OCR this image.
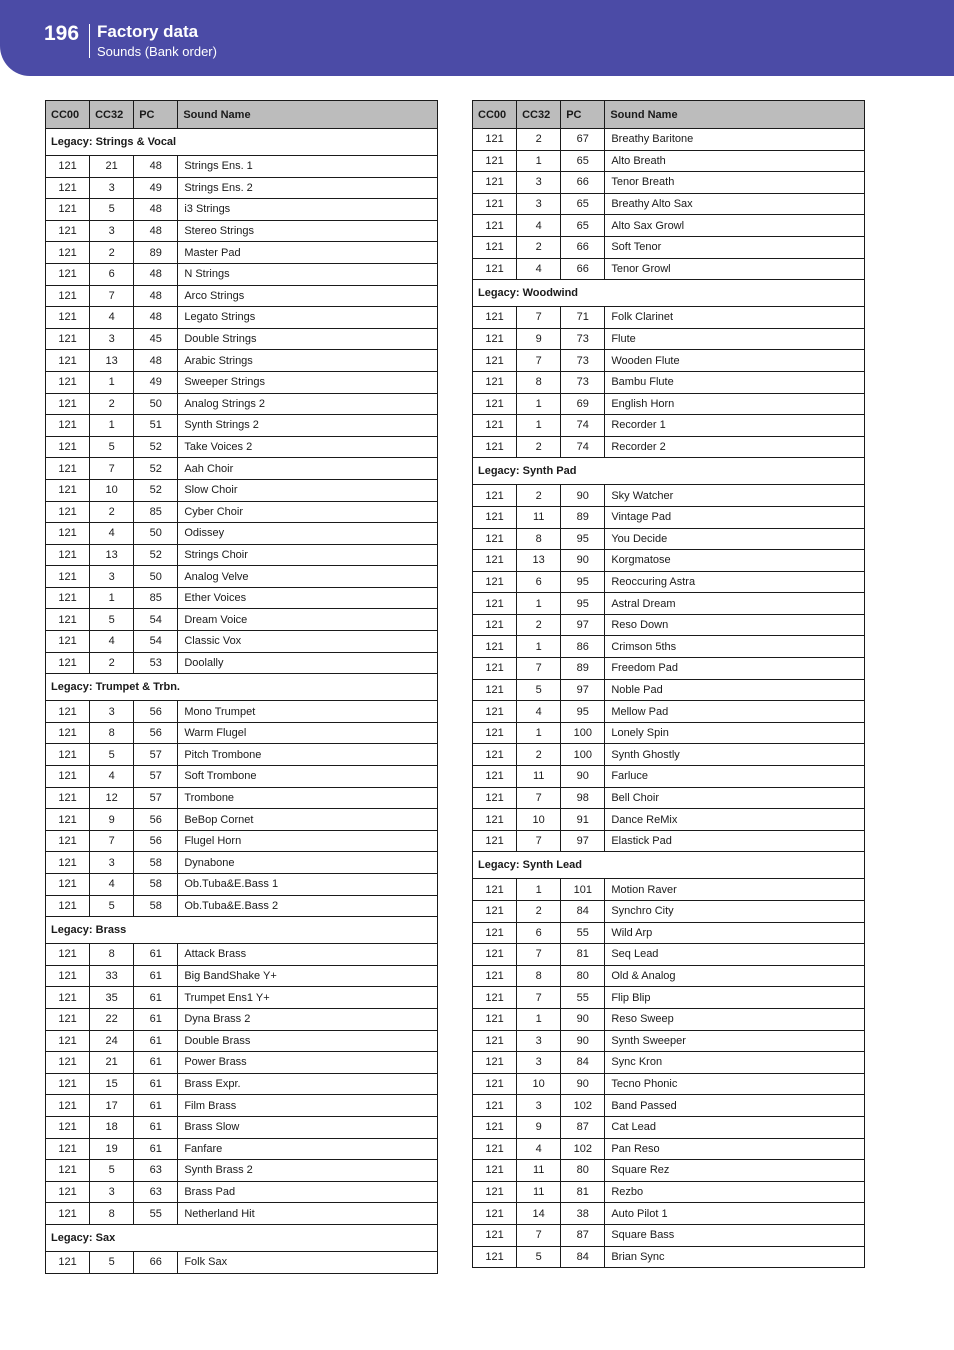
196 Factory data
Sounds (Bank order)
CC00	CC32	PC	Sound Name
Legacy: Strings & Vocal			
121	21	48	Strings Ens. 1
121	3	49	Strings Ens. 2
121	5	48	i3 Strings
121	3	48	Stereo Strings
121	2	89	Master Pad
121	6	48	N Strings
121	7	48	Arco Strings
121	4	48	Legato Strings
121	3	45	Double Strings
121	13	48	Arabic Strings
121	1	49	Sweeper Strings
121	2	50	Analog Strings 2
121	1	51	Synth Strings 2
121	5	52	Take Voices 2
121	7	52	Aah Choir
121	10	52	Slow Choir
121	2	85	Cyber Choir
121	4	50	Odissey
121	13	52	Strings Choir
121	3	50	Analog Velve
121	1	85	Ether Voices
121	5	54	Dream Voice
121	4	54	Classic Vox
121	2	53	Doolally
Legacy: Trumpet & Trbn.			
121	3	56	Mono Trumpet
121	8	56	Warm Flugel
121	5	57	Pitch Trombone
121	4	57	Soft Trombone
121	12	57	Trombone
121	9	56	BeBop Cornet
121	7	56	Flugel Horn
121	3	58	Dynabone
121	4	58	Ob.Tuba&E.Bass 1
121	5	58	Ob.Tuba&E.Bass 2
Legacy: Brass			
121	8	61	Attack Brass
121	33	61	Big BandShake Y+
121	35	61	Trumpet Ens1 Y+
121	22	61	Dyna Brass 2
121	24	61	Double Brass
121	21	61	Power Brass
121	15	61	Brass Expr.
121	17	61	Film Brass
121	18	61	Brass Slow
121	19	61	Fanfare
121	5	63	Synth Brass 2
121	3	63	Brass Pad
121	8	55	Netherland Hit
Legacy: Sax			
121	5	66	Folk Sax
CC00	CC32	PC	Sound Name
121	2	67	Breathy Baritone
121	1	65	Alto Breath
121	3	66	Tenor Breath
121	3	65	Breathy Alto Sax
121	4	65	Alto Sax Growl
121	2	66	Soft Tenor
121	4	66	Tenor Growl
Legacy: Woodwind			
121	7	71	Folk Clarinet
121	9	73	Flute
121	7	73	Wooden Flute
121	8	73	Bambu Flute
121	1	69	English Horn
121	1	74	Recorder 1
121	2	74	Recorder 2
Legacy: Synth Pad			
121	2	90	Sky Watcher
121	11	89	Vintage Pad
121	8	95	You Decide
121	13	90	Korgmatose
121	6	95	Reoccuring Astra
121	1	95	Astral Dream
121	2	97	Reso Down
121	1	86	Crimson 5ths
121	7	89	Freedom Pad
121	5	97	Noble Pad
121	4	95	Mellow Pad
121	1	100	Lonely Spin
121	2	100	Synth Ghostly
121	11	90	Farluce
121	7	98	Bell Choir
121	10	91	Dance ReMix
121	7	97	Elastick Pad
Legacy: Synth Lead			
121	1	101	Motion Raver
121	2	84	Synchro City
121	6	55	Wild Arp
121	7	81	Seq Lead
121	8	80	Old & Analog
121	7	55	Flip Blip
121	1	90	Reso Sweep
121	3	90	Synth Sweeper
121	3	84	Sync Kron
121	10	90	Tecno Phonic
121	3	102	Band Passed
121	9	87	Cat Lead
121	4	102	Pan Reso
121	11	80	Square Rez
121	11	81	Rezbo
121	14	38	Auto Pilot 1
121	7	87	Square Bass
121	5	84	Brian Sync
